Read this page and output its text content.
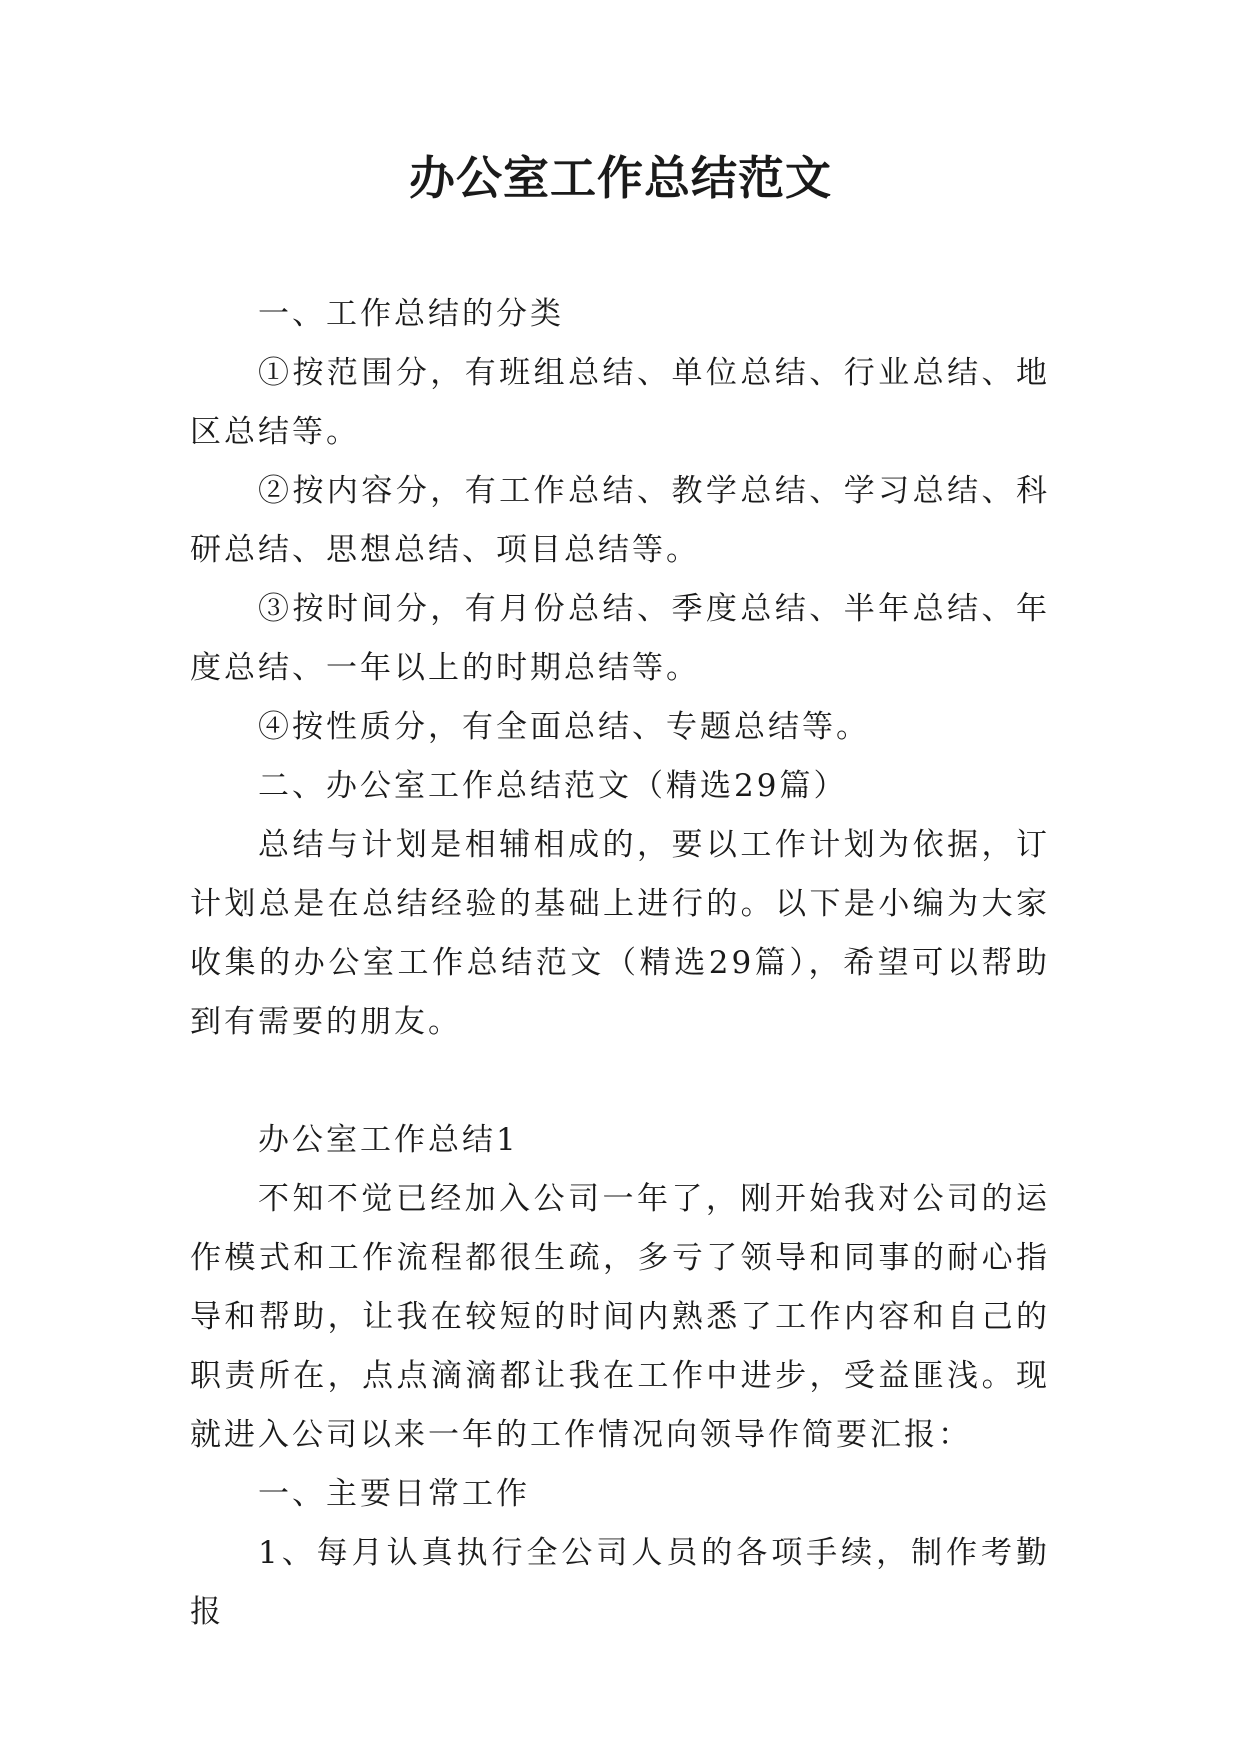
办公室工作总结范文

一、工作总结的分类

①按范围分，有班组总结、单位总结、行业总结、地区总结等。

②按内容分，有工作总结、教学总结、学习总结、科研总结、思想总结、项目总结等。

③按时间分，有月份总结、季度总结、半年总结、年度总结、一年以上的时期总结等。

④按性质分，有全面总结、专题总结等。

二、办公室工作总结范文（精选29篇）

总结与计划是相辅相成的，要以工作计划为依据，订计划总是在总结经验的基础上进行的。以下是小编为大家收集的办公室工作总结范文（精选29篇），希望可以帮助到有需要的朋友。

办公室工作总结1

不知不觉已经加入公司一年了，刚开始我对公司的运作模式和工作流程都很生疏，多亏了领导和同事的耐心指导和帮助，让我在较短的时间内熟悉了工作内容和自己的职责所在，点点滴滴都让我在工作中进步，受益匪浅。现就进入公司以来一年的工作情况向领导作简要汇报：

一、主要日常工作

1、每月认真执行全公司人员的各项手续，制作考勤报
